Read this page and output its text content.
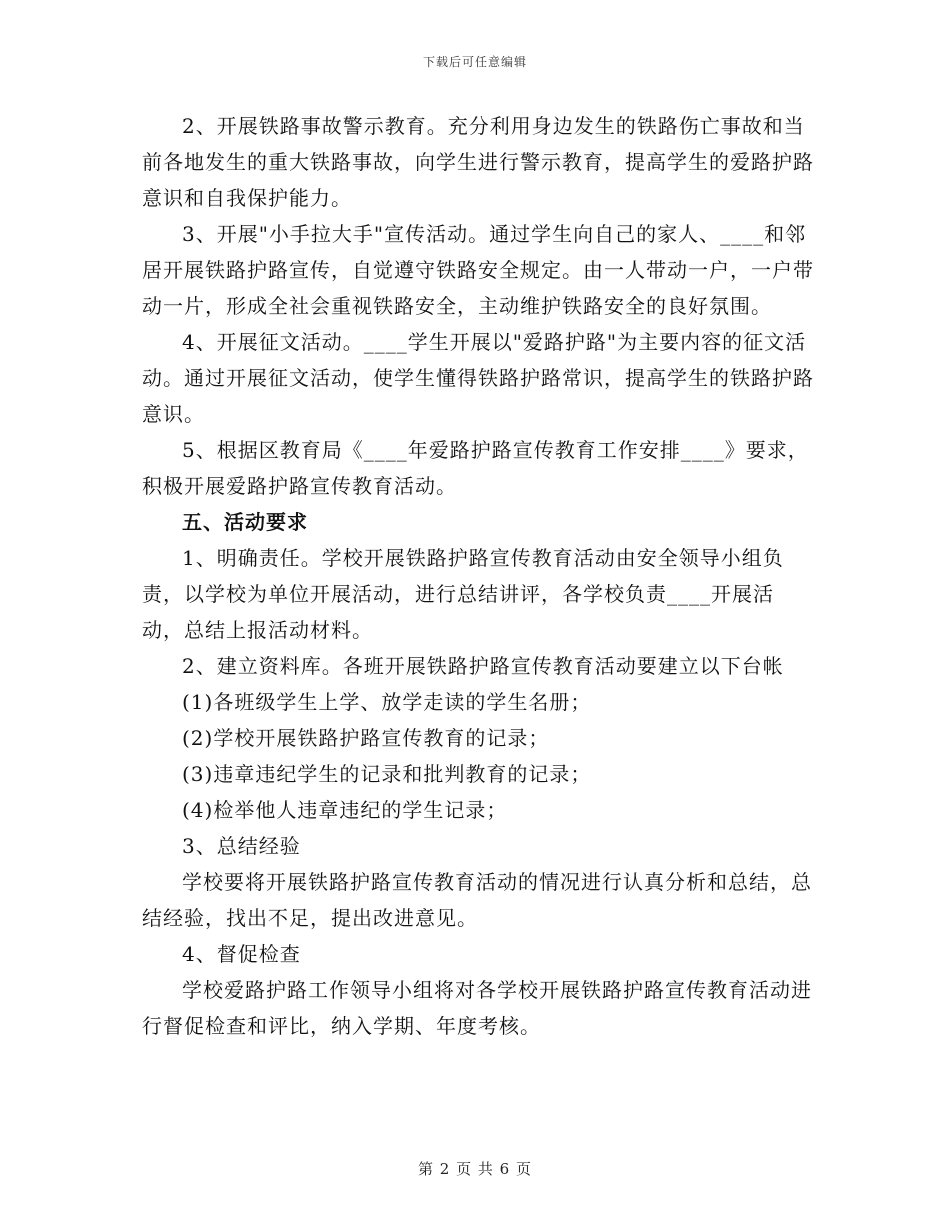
下载后可任意编辑

2、开展铁路事故警示教育。充分利用身边发生的铁路伤亡事故和当前各地发生的重大铁路事故，向学生进行警示教育，提高学生的爱路护路意识和自我保护能力。

3、开展"小手拉大手"宣传活动。通过学生向自己的家人、____和邻居开展铁路护路宣传，自觉遵守铁路安全规定。由一人带动一户，一户带动一片，形成全社会重视铁路安全，主动维护铁路安全的良好氛围。

4、开展征文活动。____学生开展以"爱路护路"为主要内容的征文活动。通过开展征文活动，使学生懂得铁路护路常识，提高学生的铁路护路意识。

5、根据区教育局《____年爱路护路宣传教育工作安排____》要求，积极开展爱路护路宣传教育活动。

五、活动要求

1、明确责任。学校开展铁路护路宣传教育活动由安全领导小组负责，以学校为单位开展活动，进行总结讲评，各学校负责____开展活动，总结上报活动材料。

2、建立资料库。各班开展铁路护路宣传教育活动要建立以下台帐

(1)各班级学生上学、放学走读的学生名册；

(2)学校开展铁路护路宣传教育的记录；

(3)违章违纪学生的记录和批判教育的记录；

(4)检举他人违章违纪的学生记录；

3、总结经验

学校要将开展铁路护路宣传教育活动的情况进行认真分析和总结，总结经验，找出不足，提出改进意见。

4、督促检查

学校爱路护路工作领导小组将对各学校开展铁路护路宣传教育活动进行督促检查和评比，纳入学期、年度考核。

第 2 页 共 6 页
